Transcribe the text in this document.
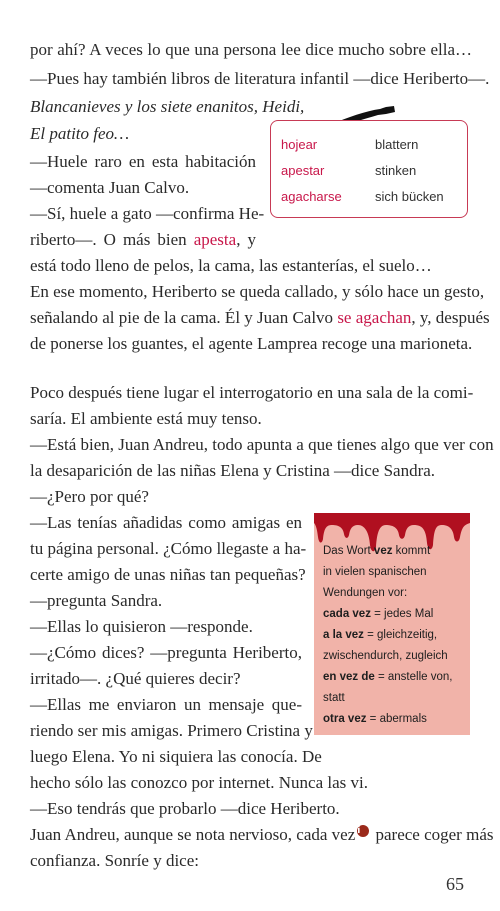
por ahí? A veces lo que una persona lee dice mucho sobre ella…
—Pues hay también libros de literatura infantil —dice Heriberto—.
Blancanieves y los siete enanitos, Heidi,
El patito feo…
—Huele raro en esta habitación
—comenta Juan Calvo.
—Sí, huele a gato —confirma He-
riberto—. O más bien apesta, y
está todo lleno de pelos, la cama, las estanterías, el suelo…
En ese momento, Heriberto se queda callado, y sólo hace un gesto,
señalando al pie de la cama. Él y Juan Calvo se agachan, y, después
de ponerse los guantes, el agente Lamprea recoge una marioneta.
Poco después tiene lugar el interrogatorio en una sala de la comi-
saría. El ambiente está muy tenso.
—Está bien, Juan Andreu, todo apunta a que tienes algo que ver con
la desaparición de las niñas Elena y Cristina —dice Sandra.
—¿Pero por qué?
—Las tenías añadidas como amigas en
tu página personal. ¿Cómo llegaste a ha-
certe amigo de unas niñas tan pequeñas?
—pregunta Sandra.
—Ellas lo quisieron —responde.
—¿Cómo dices? —pregunta Heriberto,
irritado—. ¿Qué quieres decir?
—Ellas me enviaron un mensaje que-
riendo ser mis amigas. Primero Cristina y
luego Elena. Yo ni siquiera las conocía. De
hecho sólo las conozco por internet. Nunca las vi.
—Eso tendrás que probarlo —dice Heriberto.
Juan Andreu, aunque se nota nervioso, cada vez i parece coger más
confianza. Sonríe y dice:
hojear	blattern
apestar	stinken
agacharse	sich bücken
Das Wort vez kommt
in vielen spanischen
Wendungen vor:
cada vez = jedes Mal
a la vez = gleichzeitig,
zwischendurch, zugleich
en vez de = anstelle von,
statt
otra vez = abermals
65
